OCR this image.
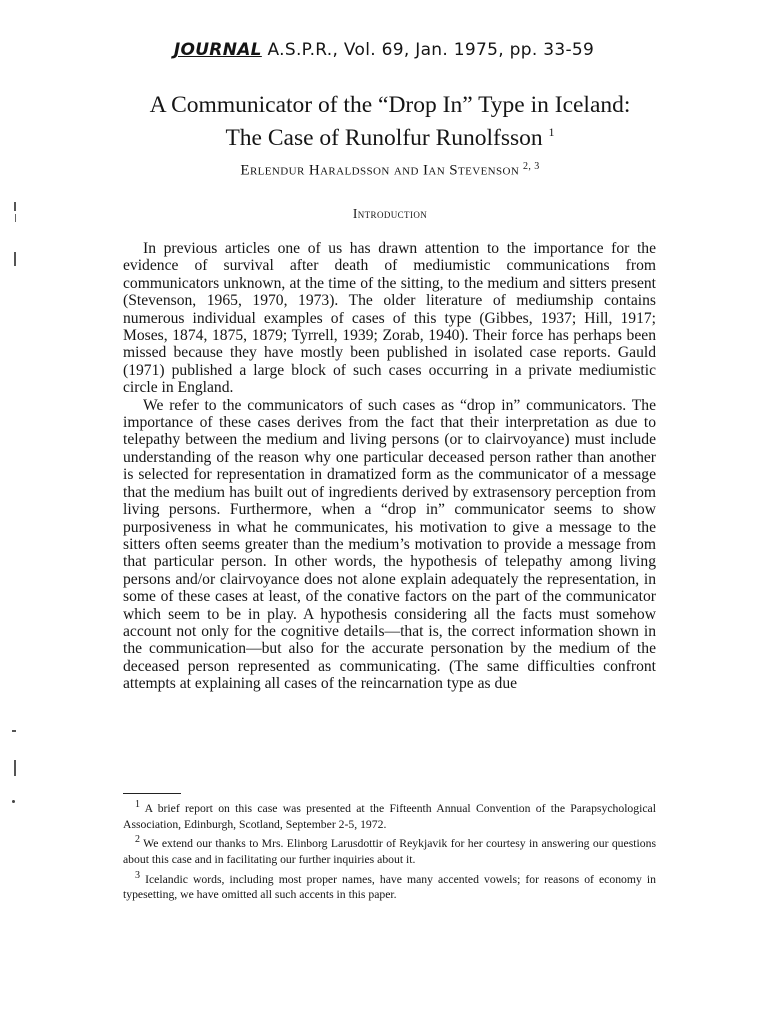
JOURNAL A.S.P.R., Vol. 69, Jan. 1975, pp. 33-59
A Communicator of the “Drop In” Type in Iceland:
The Case of Runolfur Runolfsson $^1$
Erlendur Haraldsson and Ian Stevenson $^{2, 3}$
Introduction

In previous articles one of us has drawn attention to the importance for the evidence of survival after death of mediumistic communications from communicators unknown, at the time of the sitting, to the medium and sitters present (Stevenson, 1965, 1970, 1973). The older literature of mediumship contains numerous individual examples of cases of this type (Gibbes, 1937; Hill, 1917; Moses, 1874, 1875, 1879; Tyrrell, 1939; Zorab, 1940). Their force has perhaps been missed because they have mostly been published in isolated case reports. Gauld (1971) published a large block of such cases occurring in a private mediumistic circle in England.

We refer to the communicators of such cases as “drop in” communicators. The importance of these cases derives from the fact that their interpretation as due to telepathy between the medium and living persons (or to clairvoyance) must include understanding of the reason why one particular deceased person rather than another is selected for representation in dramatized form as the communicator of a message that the medium has built out of ingredients derived by extrasensory perception from living persons. Furthermore, when a “drop in” communicator seems to show purposiveness in what he communicates, his motivation to give a message to the sitters often seems greater than the medium’s motivation to provide a message from that particular person. In other words, the hypothesis of telepathy among living persons and/or clairvoyance does not alone explain adequately the representation, in some of these cases at least, of the conative factors on the part of the communicator which seem to be in play. A hypothesis considering all the facts must somehow account not only for the cognitive details—that is, the correct information shown in the communication—but also for the accurate personation by the medium of the deceased person represented as communicating. (The same difficulties confront attempts at explaining all cases of the reincarnation type as due

$^1$ A brief report on this case was presented at the Fifteenth Annual Convention of the Parapsychological Association, Edinburgh, Scotland, September 2-5, 1972.

$^2$ We extend our thanks to Mrs. Elinborg Larusdottir of Reykjavik for her courtesy in answering our questions about this case and in facilitating our further inquiries about it.

$^3$ Icelandic words, including most proper names, have many accented vowels; for reasons of economy in typesetting, we have omitted all such accents in this paper.
